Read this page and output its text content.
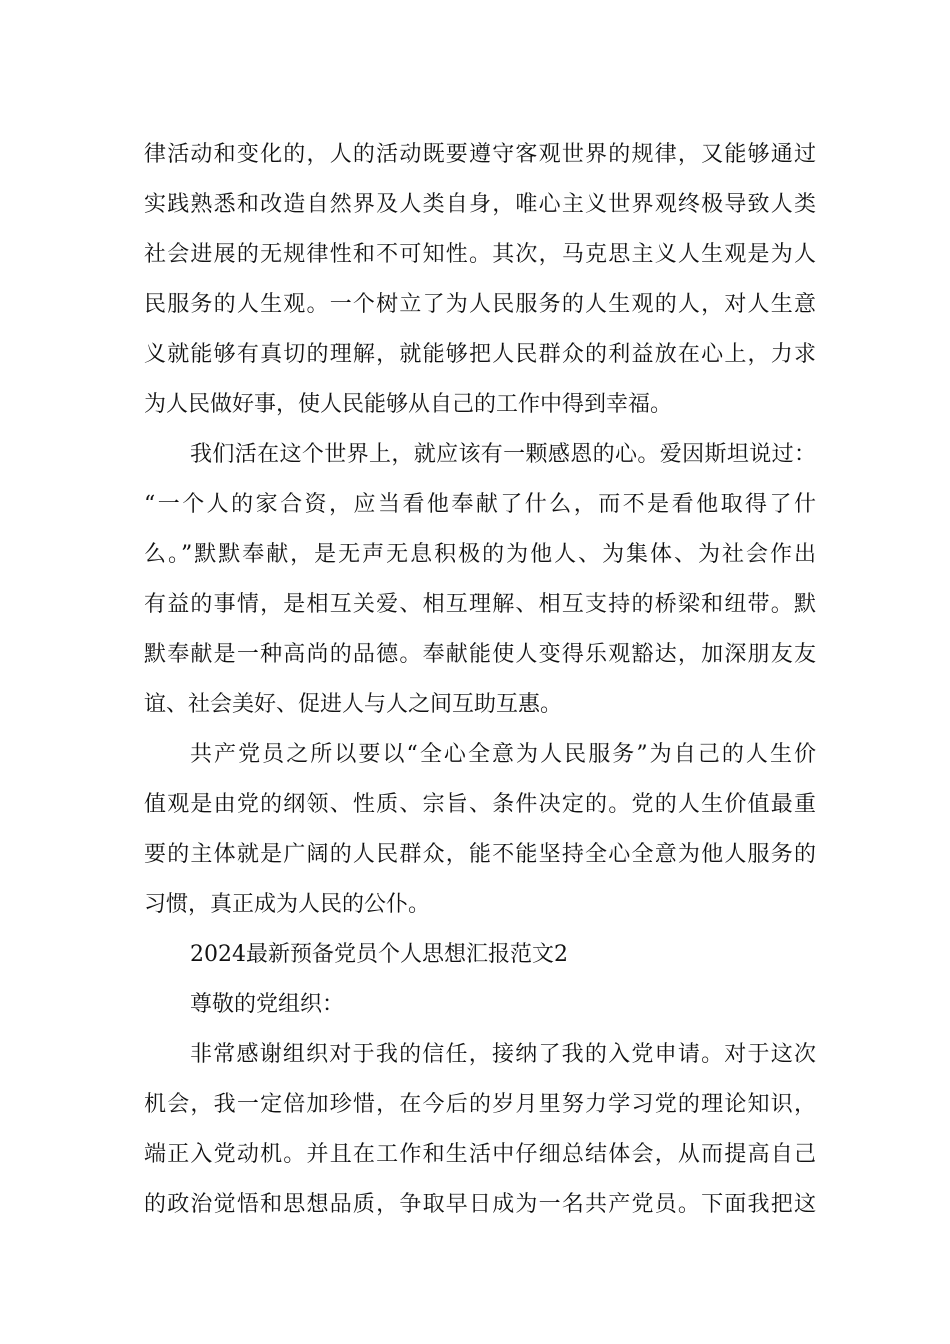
律活动和变化的，人的活动既要遵守客观世界的规律，又能够通过
实践熟悉和改造自然界及人类自身，唯心主义世界观终极导致人类
社会进展的无规律性和不可知性。其次，马克思主义人生观是为人
民服务的人生观。一个树立了为人民服务的人生观的人，对人生意
义就能够有真切的理解，就能够把人民群众的利益放在心上，力求
为人民做好事，使人民能够从自己的工作中得到幸福。
我们活在这个世界上，就应该有一颗感恩的心。爱因斯坦说过：
“一个人的家合资，应当看他奉献了什么，而不是看他取得了什
么。”默默奉献，是无声无息积极的为他人、为集体、为社会作出
有益的事情，是相互关爱、相互理解、相互支持的桥梁和纽带。默
默奉献是一种高尚的品德。奉献能使人变得乐观豁达，加深朋友友
谊、社会美好、促进人与人之间互助互惠。
共产党员之所以要以“全心全意为人民服务”为自己的人生价
值观是由党的纲领、性质、宗旨、条件决定的。党的人生价值最重
要的主体就是广阔的人民群众，能不能坚持全心全意为他人服务的
习惯，真正成为人民的公仆。
2024最新预备党员个人思想汇报范文2
尊敬的党组织：
非常感谢组织对于我的信任，接纳了我的入党申请。对于这次
机会，我一定倍加珍惜，在今后的岁月里努力学习党的理论知识，
端正入党动机。并且在工作和生活中仔细总结体会，从而提高自己
的政治觉悟和思想品质，争取早日成为一名共产党员。下面我把这
